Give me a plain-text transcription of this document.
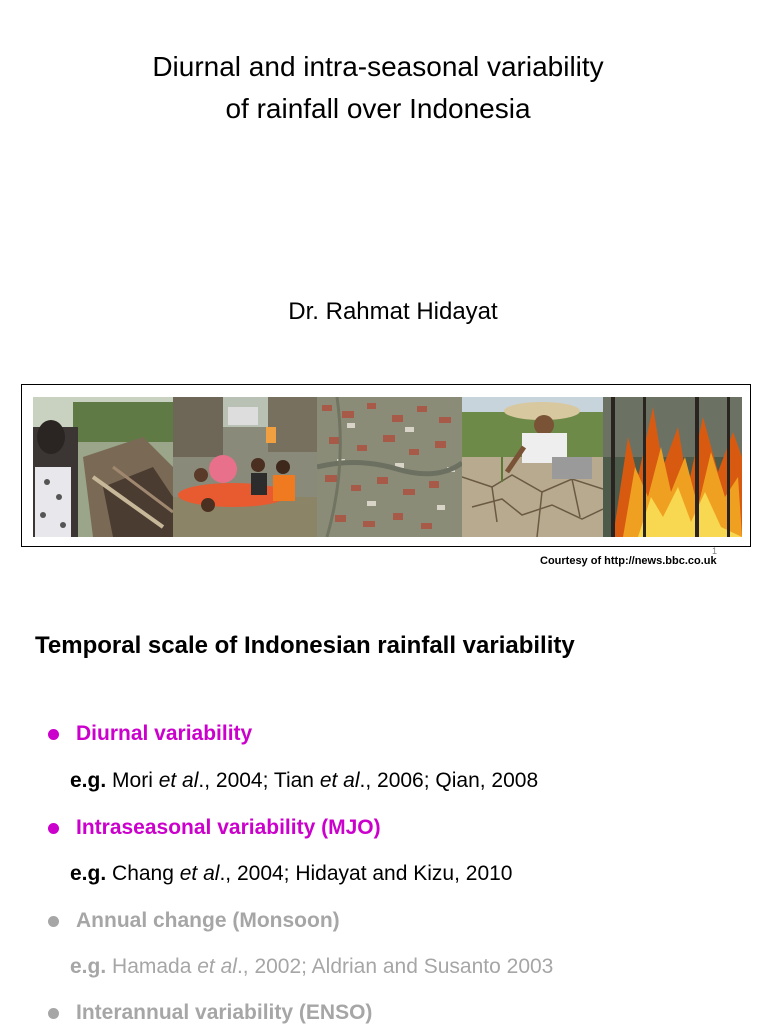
Diurnal and intra-seasonal variability
of rainfall over Indonesia
Dr. Rahmat Hidayat
1
Courtesy of http://news.bbc.co.uk
Temporal scale of Indonesian rainfall variability
Diurnal variability
e.g. Mori et al., 2004; Tian et al., 2006; Qian, 2008
Intraseasonal variability (MJO)
e.g. Chang et al., 2004; Hidayat and Kizu, 2010
Annual change (Monsoon)
e.g. Hamada et al., 2002; Aldrian and Susanto 2003
Interannual variability (ENSO)
